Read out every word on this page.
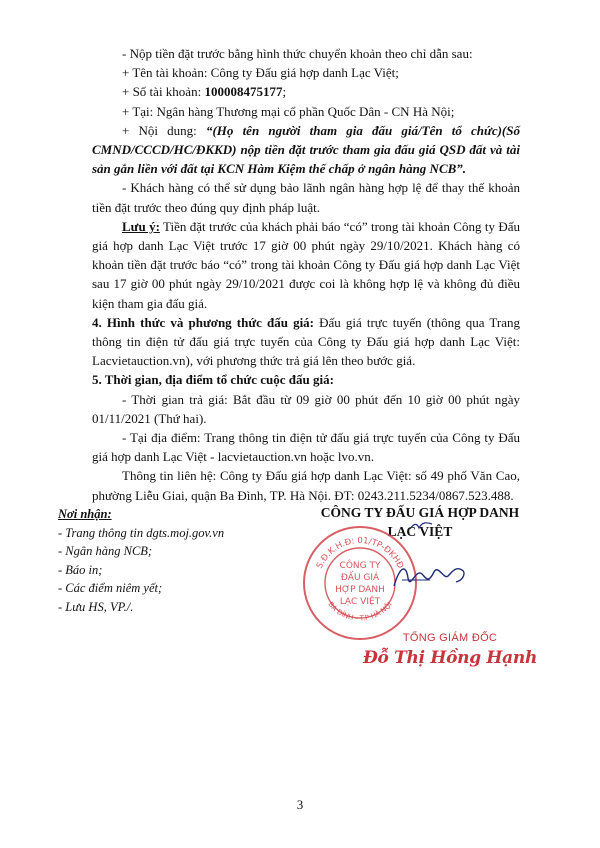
- Nộp tiền đặt trước bằng hình thức chuyển khoản theo chỉ dẫn sau:

+ Tên tài khoản: Công ty Đấu giá hợp danh Lạc Việt;

+ Số tài khoản: 100008475177;

+ Tại: Ngân hàng Thương mại cổ phần Quốc Dân - CN Hà Nội;

+ Nội dung: “(Họ tên người tham gia đấu giá/Tên tổ chức)(Số CMND/CCCD/HC/ĐKKD) nộp tiền đặt trước tham gia đấu giá QSD đất và tài sản gắn liền với đất tại KCN Hàm Kiệm thế chấp ở ngân hàng NCB”.

- Khách hàng có thể sử dụng bảo lãnh ngân hàng hợp lệ để thay thế khoản tiền đặt trước theo đúng quy định pháp luật.

Lưu ý: Tiền đặt trước của khách phải báo “có” trong tài khoản Công ty Đấu giá hợp danh Lạc Việt trước 17 giờ 00 phút ngày 29/10/2021. Khách hàng có khoản tiền đặt trước báo “có” trong tài khoản Công ty Đấu giá hợp danh Lạc Việt sau 17 giờ 00 phút ngày 29/10/2021 được coi là không hợp lệ và không đủ điều kiện tham gia đấu giá.

4. Hình thức và phương thức đấu giá: Đấu giá trực tuyến (thông qua Trang thông tin điện tử đấu giá trực tuyến của Công ty Đấu giá hợp danh Lạc Việt: Lacvietauction.vn), với phương thức trả giá lên theo bước giá.

5. Thời gian, địa điểm tổ chức cuộc đấu giá:

- Thời gian trả giá: Bắt đầu từ 09 giờ 00 phút đến 10 giờ 00 phút ngày 01/11/2021 (Thứ hai).

- Tại địa điểm: Trang thông tin điện tử đấu giá trực tuyến của Công ty Đấu giá hợp danh Lạc Việt - lacvietauction.vn hoặc lvo.vn.

Thông tin liên hệ: Công ty Đấu giá hợp danh Lạc Việt: số 49 phố Văn Cao, phường Liễu Giai, quận Ba Đình, TP. Hà Nội. ĐT: 0243.211.5234/0867.523.488.

Nơi nhận:
- Trang thông tin dgts.moj.gov.vn
- Ngân hàng NCB;
- Báo in;
- Các điểm niêm yết;
- Lưu HS, VP./.
CÔNG TY ĐẤU GIÁ HỢP DANH
LẠC VIỆT
S.Đ.K.H.Đ: 01/TP-ĐKHĐ
BA ĐÌNH - T.P HÀ NỘI
CÔNG TY
ĐẤU GIÁ
HỢP DANH
LẠC VIỆT
TỔNG GIÁM ĐỐC
Đỗ Thị Hồng Hạnh
3
